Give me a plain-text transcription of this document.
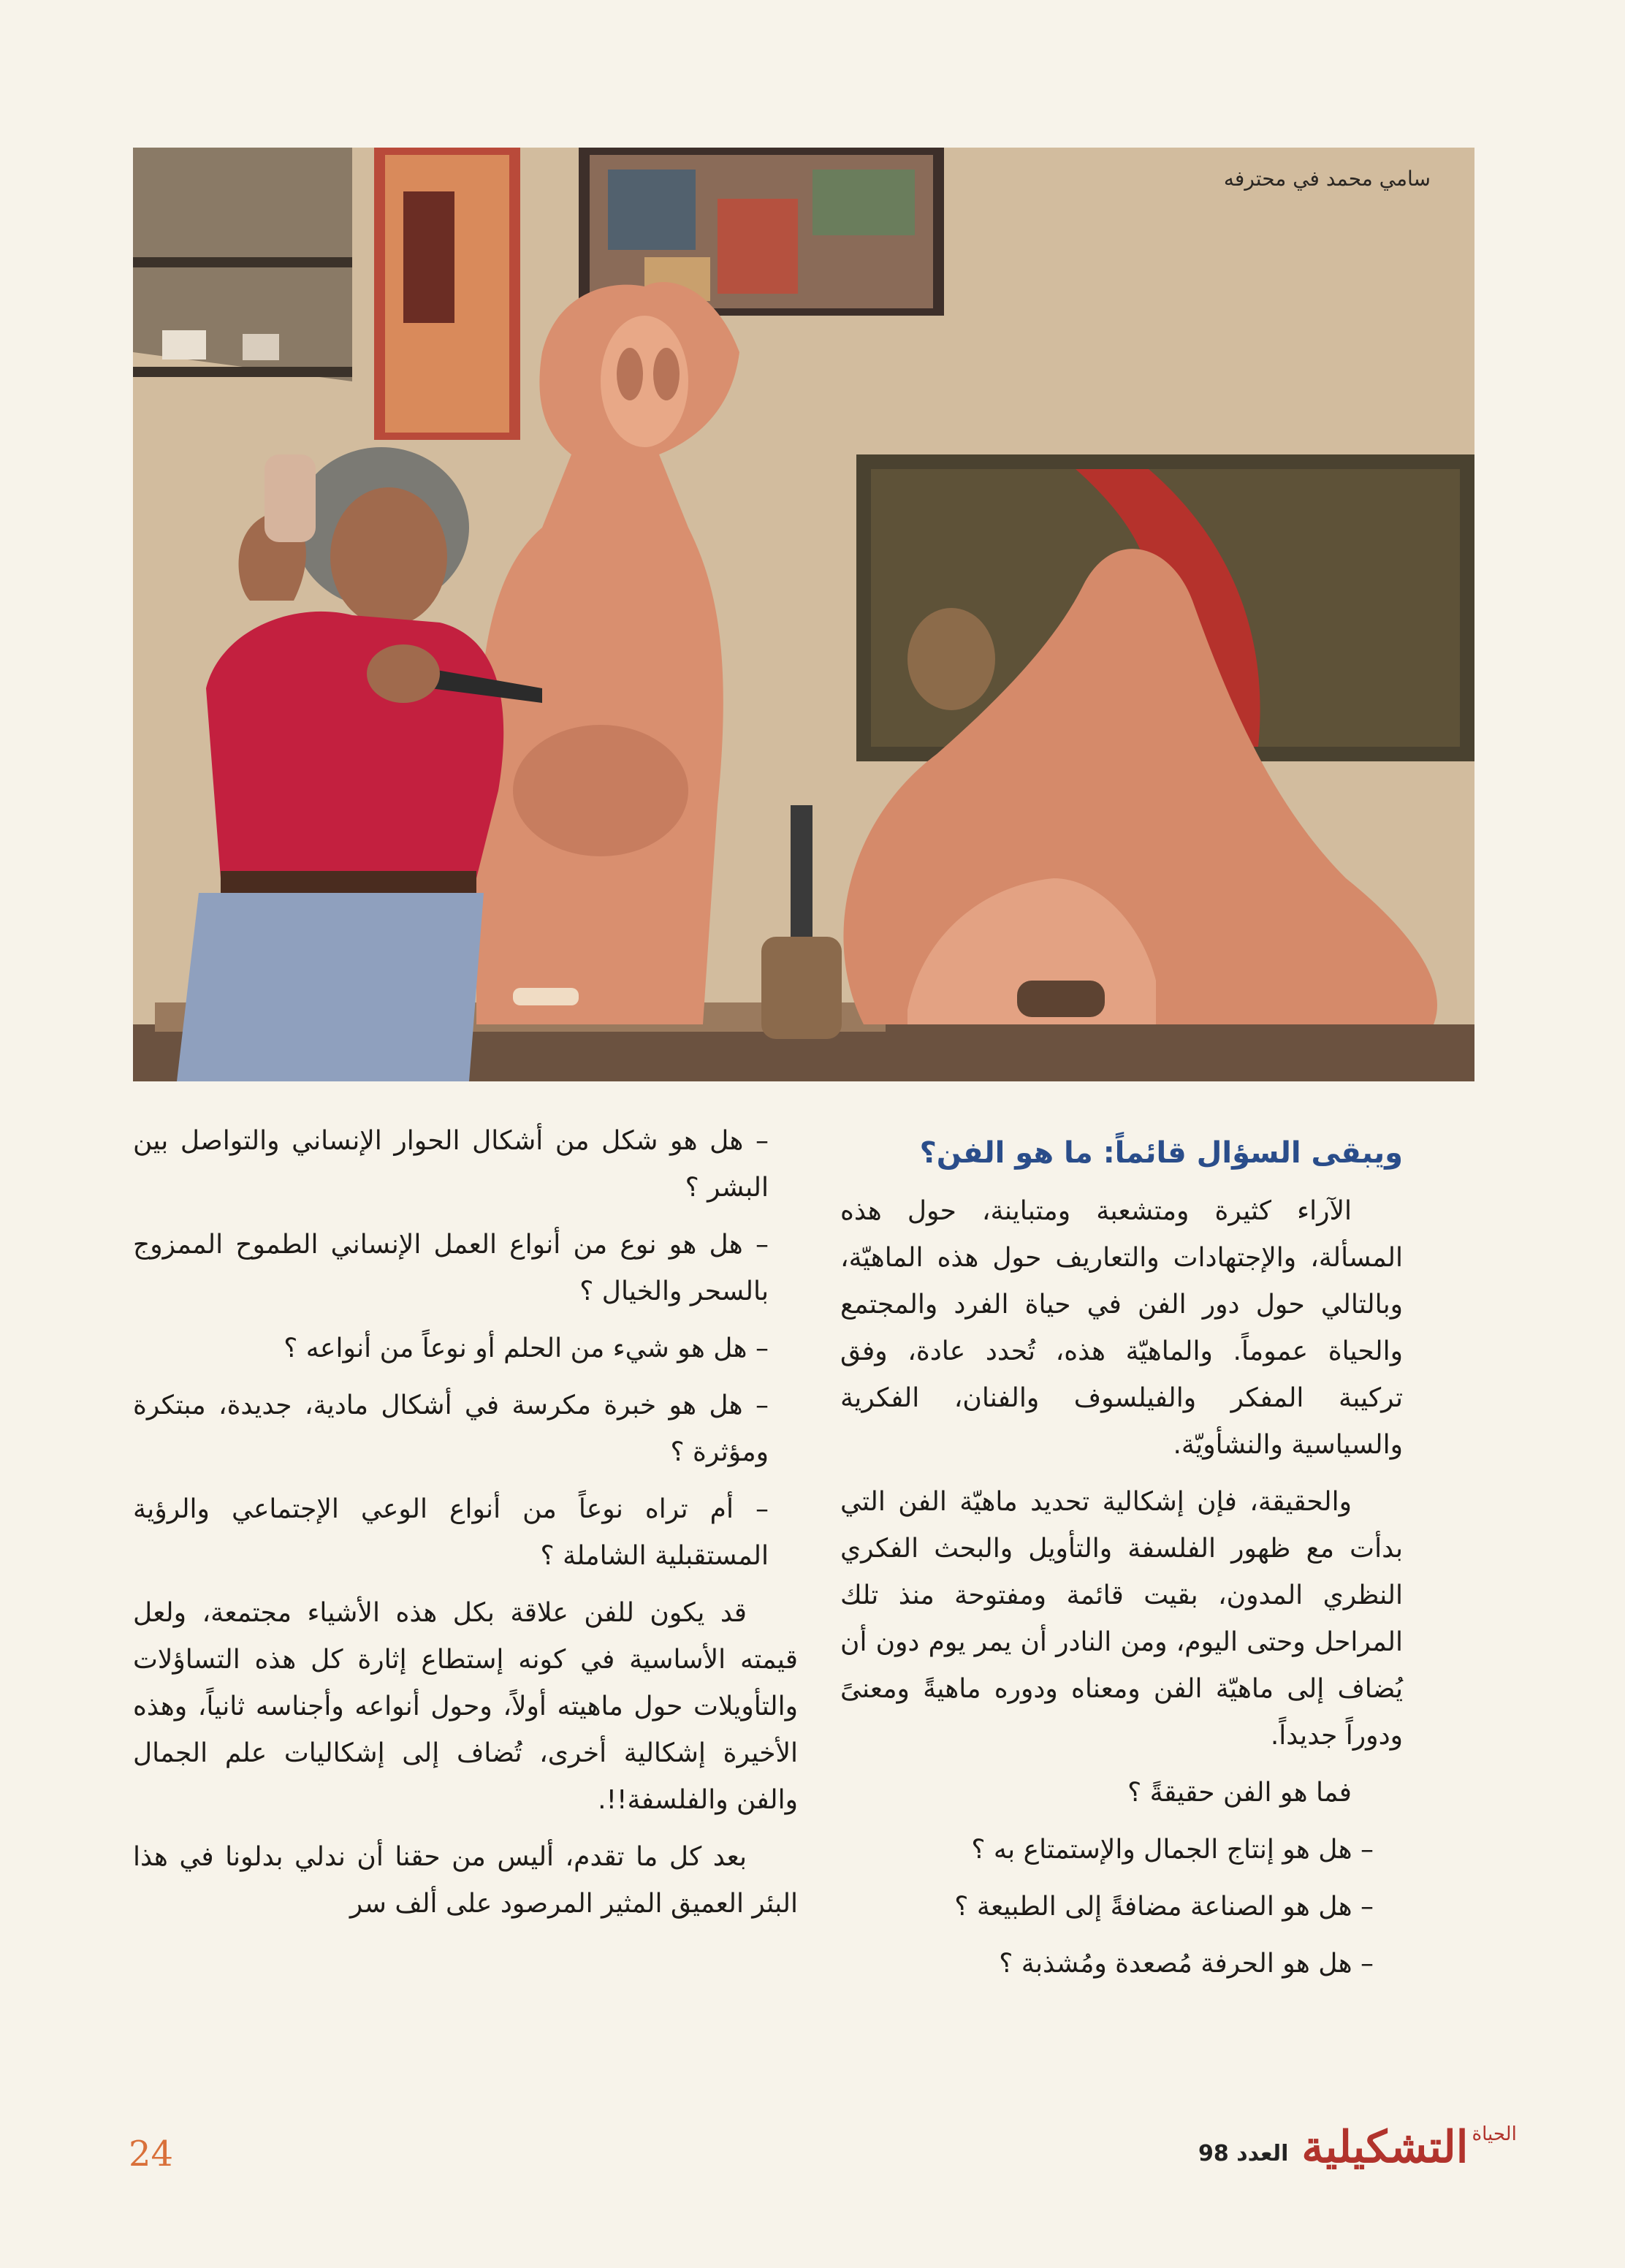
سامي محمد في محترفه
ويبقى السؤال قائماً: ما هو الفن؟

الآراء كثيرة ومتشعبة ومتباينة، حول هذه المسألة، والإجتهادات والتعاريف حول هذه الماهيّة، وبالتالي حول دور الفن في حياة الفرد والمجتمع والحياة عموماً. والماهيّة هذه، تُحدد عادة، وفق تركيبة المفكر والفيلسوف والفنان، الفكرية والسياسية والنشأويّة.

والحقيقة، فإن إشكالية تحديد ماهيّة الفن التي بدأت مع ظهور الفلسفة والتأويل والبحث الفكري النظري المدون، بقيت قائمة ومفتوحة منذ تلك المراحل وحتى اليوم، ومن النادر أن يمر يوم دون أن يُضاف إلى ماهيّة الفن ومعناه ودوره ماهيةً ومعنىً ودوراً جديداً.

فما هو الفن حقيقةً ؟

– هل هو إنتاج الجمال والإستمتاع به ؟
– هل هو الصناعة مضافةً إلى الطبيعة ؟
– هل هو الحرفة مُصعدة ومُشذبة ؟
– هل هو شكل من أشكال الحوار الإنساني والتواصل بين البشر ؟
– هل هو نوع من أنواع العمل الإنساني الطموح الممزوج بالسحر والخيال ؟
– هل هو شيء من الحلم أو نوعاً من أنواعه ؟
– هل هو خبرة مكرسة في أشكال مادية، جديدة، مبتكرة ومؤثرة ؟
– أم تراه نوعاً من أنواع الوعي الإجتماعي والرؤية المستقبلية الشاملة ؟

قد يكون للفن علاقة بكل هذه الأشياء مجتمعة، ولعل قيمته الأساسية في كونه إستطاع إثارة كل هذه التساؤلات والتأويلات حول ماهيته أولاً، وحول أنواعه وأجناسه ثانياً، وهذه الأخيرة إشكالية أخرى، تُضاف إلى إشكاليات علم الجمال والفن والفلسفة!!.

بعد كل ما تقدم، أليس من حقنا أن ندلي بدلونا في هذا البئر العميق المثير المرصود على ألف سر

24	الحياة التشكيلية
العدد 98
